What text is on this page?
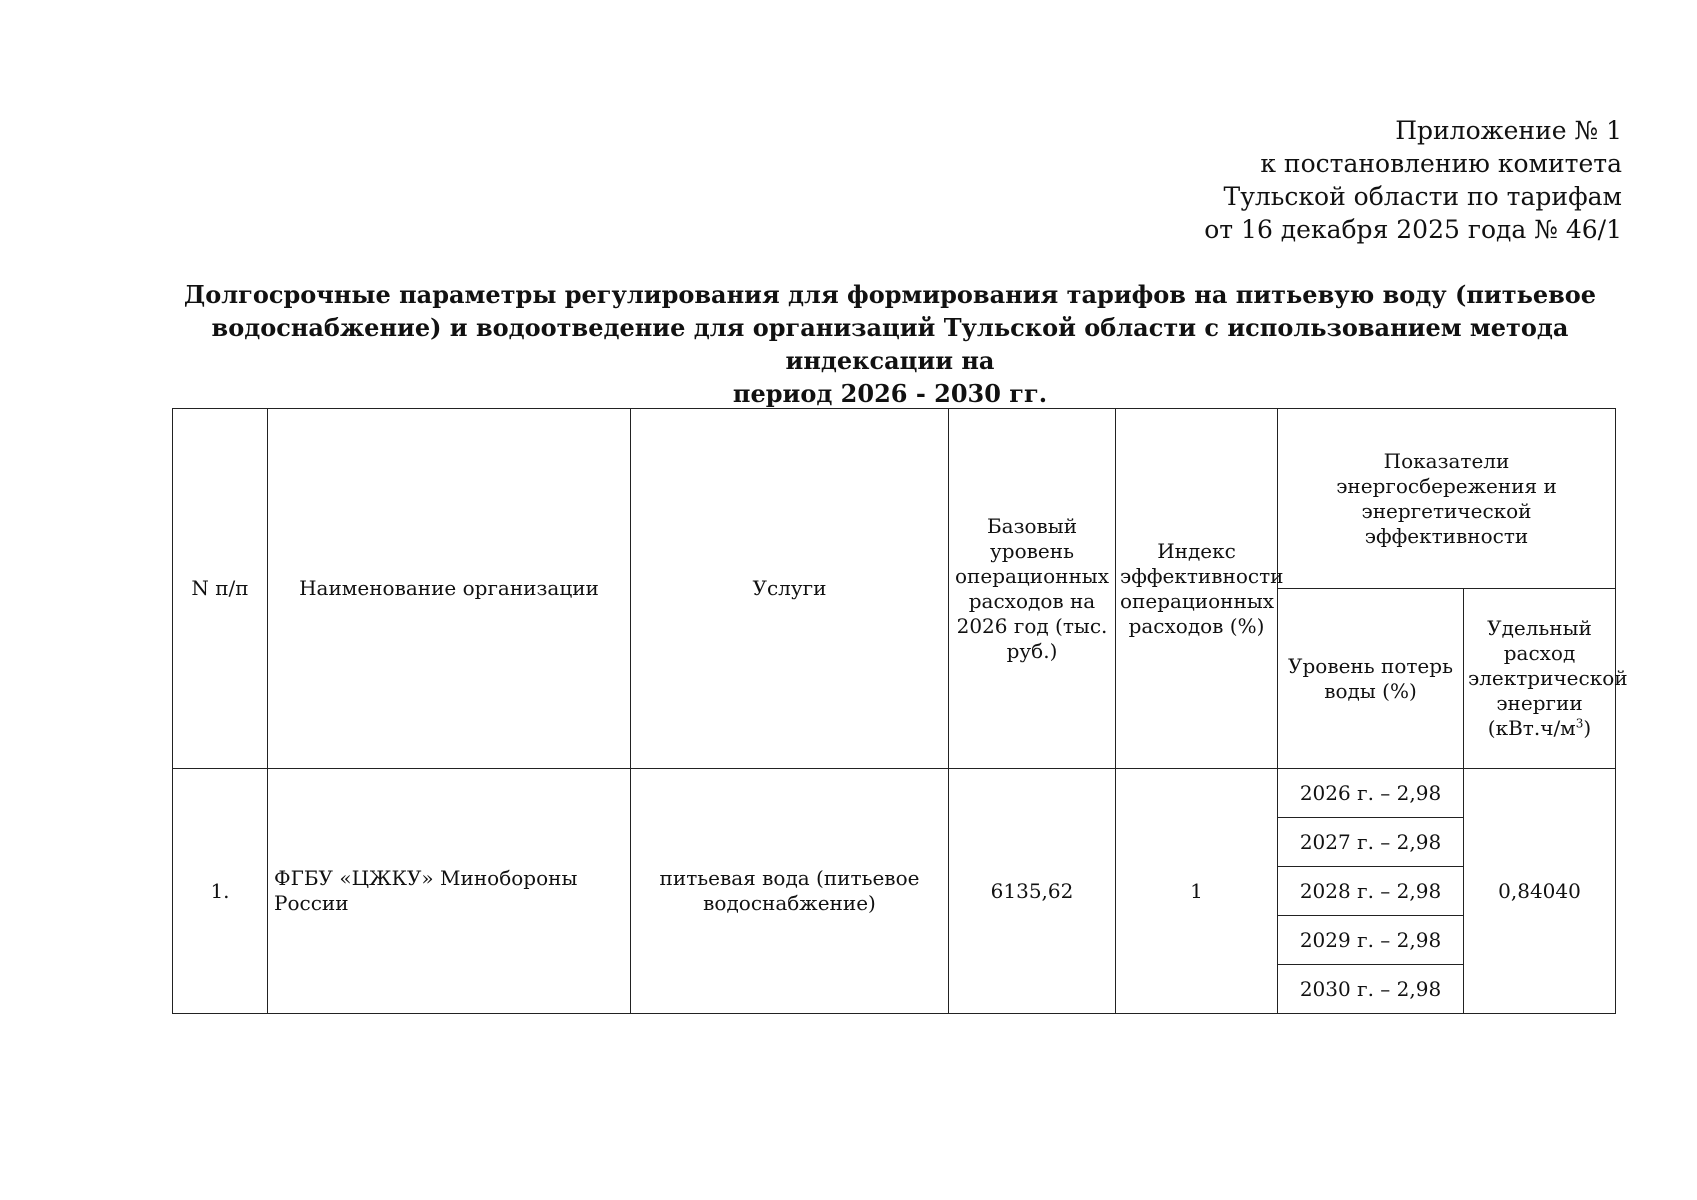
Приложение № 1
к постановлению комитета
Тульской области по тарифам
от 16 декабря 2025 года № 46/1
Долгосрочные параметры регулирования для формирования тарифов на питьевую воду (питьевое
водоснабжение) и водоотведение для организаций Тульской области с использованием метода индексации на
период 2026 - 2030 гг.
N п/п	Наименование организации	Услуги	Базовый уровень операционных расходов на 2026 год (тыс. руб.)	Индекс эффективности операционных расходов (%)	Показатели энергосбережения и энергетической эффективности	
					Уровень потерь воды (%)	Удельный расход электрической энергии $(кВт.ч/м^3)$
1.	ФГБУ «ЦЖКУ» Минобороны России	питьевая вода (питьевое водоснабжение)	6135,62	1	2026 г. – 2,98	0,84040
					2027 г. – 2,98	
					2028 г. – 2,98	
					2029 г. – 2,98	
					2030 г. – 2,98	
